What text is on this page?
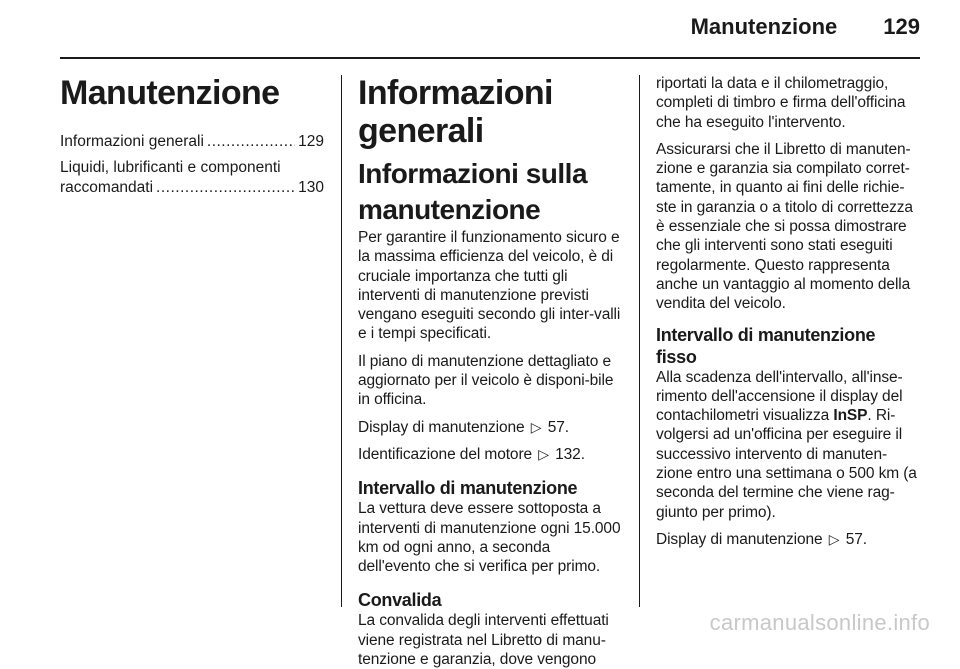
Manutenzione 129
Manutenzione
Informazioni generali .....	129
Liquidi, lubrificanti e componenti
raccomandati .....	130
Informazioni generali
Informazioni sulla
manutenzione

Per garantire il funzionamento sicuro e la massima efficienza del veicolo, è di cruciale importanza che tutti gli interventi di manutenzione previsti vengano eseguiti secondo gli inter-valli e i tempi specificati.

Il piano di manutenzione dettagliato e aggiornato per il veicolo è disponi-bile in officina.

Display di manutenzione ▷ 57.

Identificazione del motore ▷ 132.

Intervallo di manutenzione

La vettura deve essere sottoposta a interventi di manutenzione ogni 15.000 km od ogni anno, a seconda dell'evento che si verifica per primo.

Convalida

La convalida degli interventi effettuati viene registrata nel Libretto di manu-tenzione e garanzia, dove vengono

riportati la data e il chilometraggio, completi di timbro e firma dell'officina che ha eseguito l'intervento.

Assicurarsi che il Libretto di manuten-zione e garanzia sia compilato corret-tamente, in quanto ai fini delle richie-ste in garanzia o a titolo di correttezza è essenziale che si possa dimostrare che gli interventi sono stati eseguiti regolarmente. Questo rappresenta anche un vantaggio al momento della vendita del veicolo.

Intervallo di manutenzione fisso

Alla scadenza dell'intervallo, all'inse-rimento dell'accensione il display del contachilometri visualizza InSP. Ri-volgersi ad un'officina per eseguire il successivo intervento di manuten-zione entro una settimana o 500 km (a seconda del termine che viene rag-giunto per primo).

Display di manutenzione ▷ 57.

carmanualsonline.info
